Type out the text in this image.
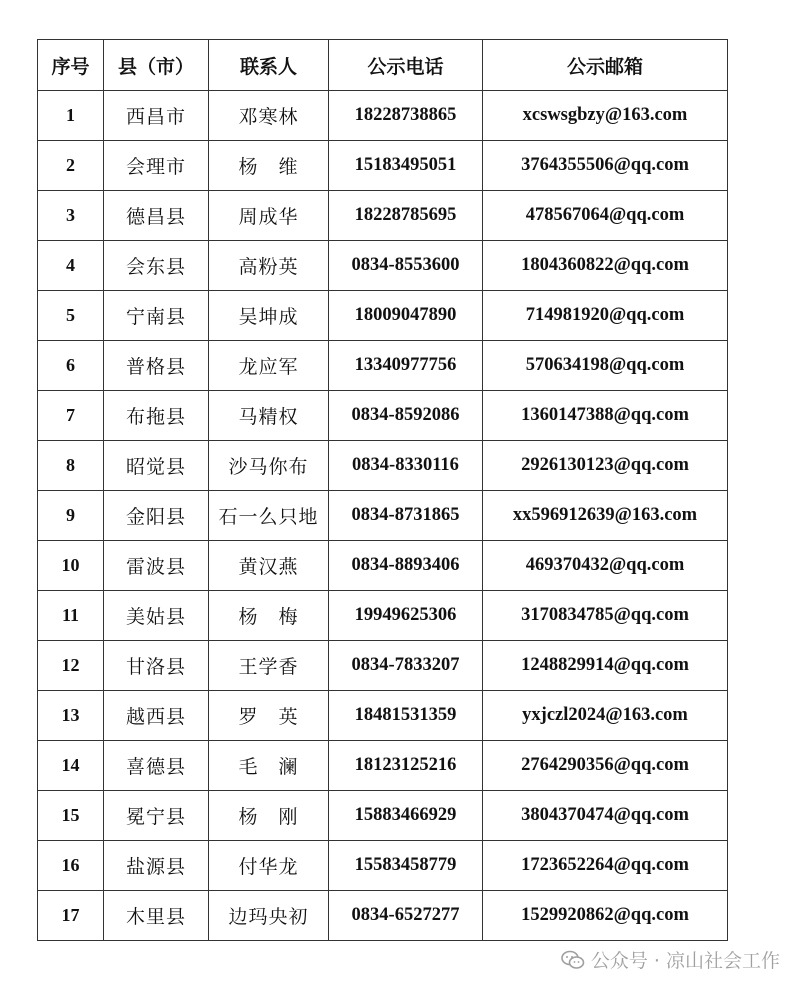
序号	县（市）	联系人	公示电话	公示邮箱
1	西昌市	邓寒林	18228738865	xcswsgbzy@163.com
2	会理市	杨　维	15183495051	3764355506@qq.com
3	德昌县	周成华	18228785695	478567064@qq.com
4	会东县	高粉英	0834-8553600	1804360822@qq.com
5	宁南县	吴坤成	18009047890	714981920@qq.com
6	普格县	龙应军	13340977756	570634198@qq.com
7	布拖县	马精权	0834-8592086	1360147388@qq.com
8	昭觉县	沙马你布	0834-8330116	2926130123@qq.com
9	金阳县	石一么只地	0834-8731865	xx596912639@163.com
10	雷波县	黄汉燕	0834-8893406	469370432@qq.com
11	美姑县	杨　梅	19949625306	3170834785@qq.com
12	甘洛县	王学香	0834-7833207	1248829914@qq.com
13	越西县	罗　英	18481531359	yxjczl2024@163.com
14	喜德县	毛　澜	18123125216	2764290356@qq.com
15	冕宁县	杨　刚	15883466929	3804370474@qq.com
16	盐源县	付华龙	15583458779	1723652264@qq.com
17	木里县	边玛央初	0834-6527277	1529920862@qq.com
公众号 · 凉山社会工作
